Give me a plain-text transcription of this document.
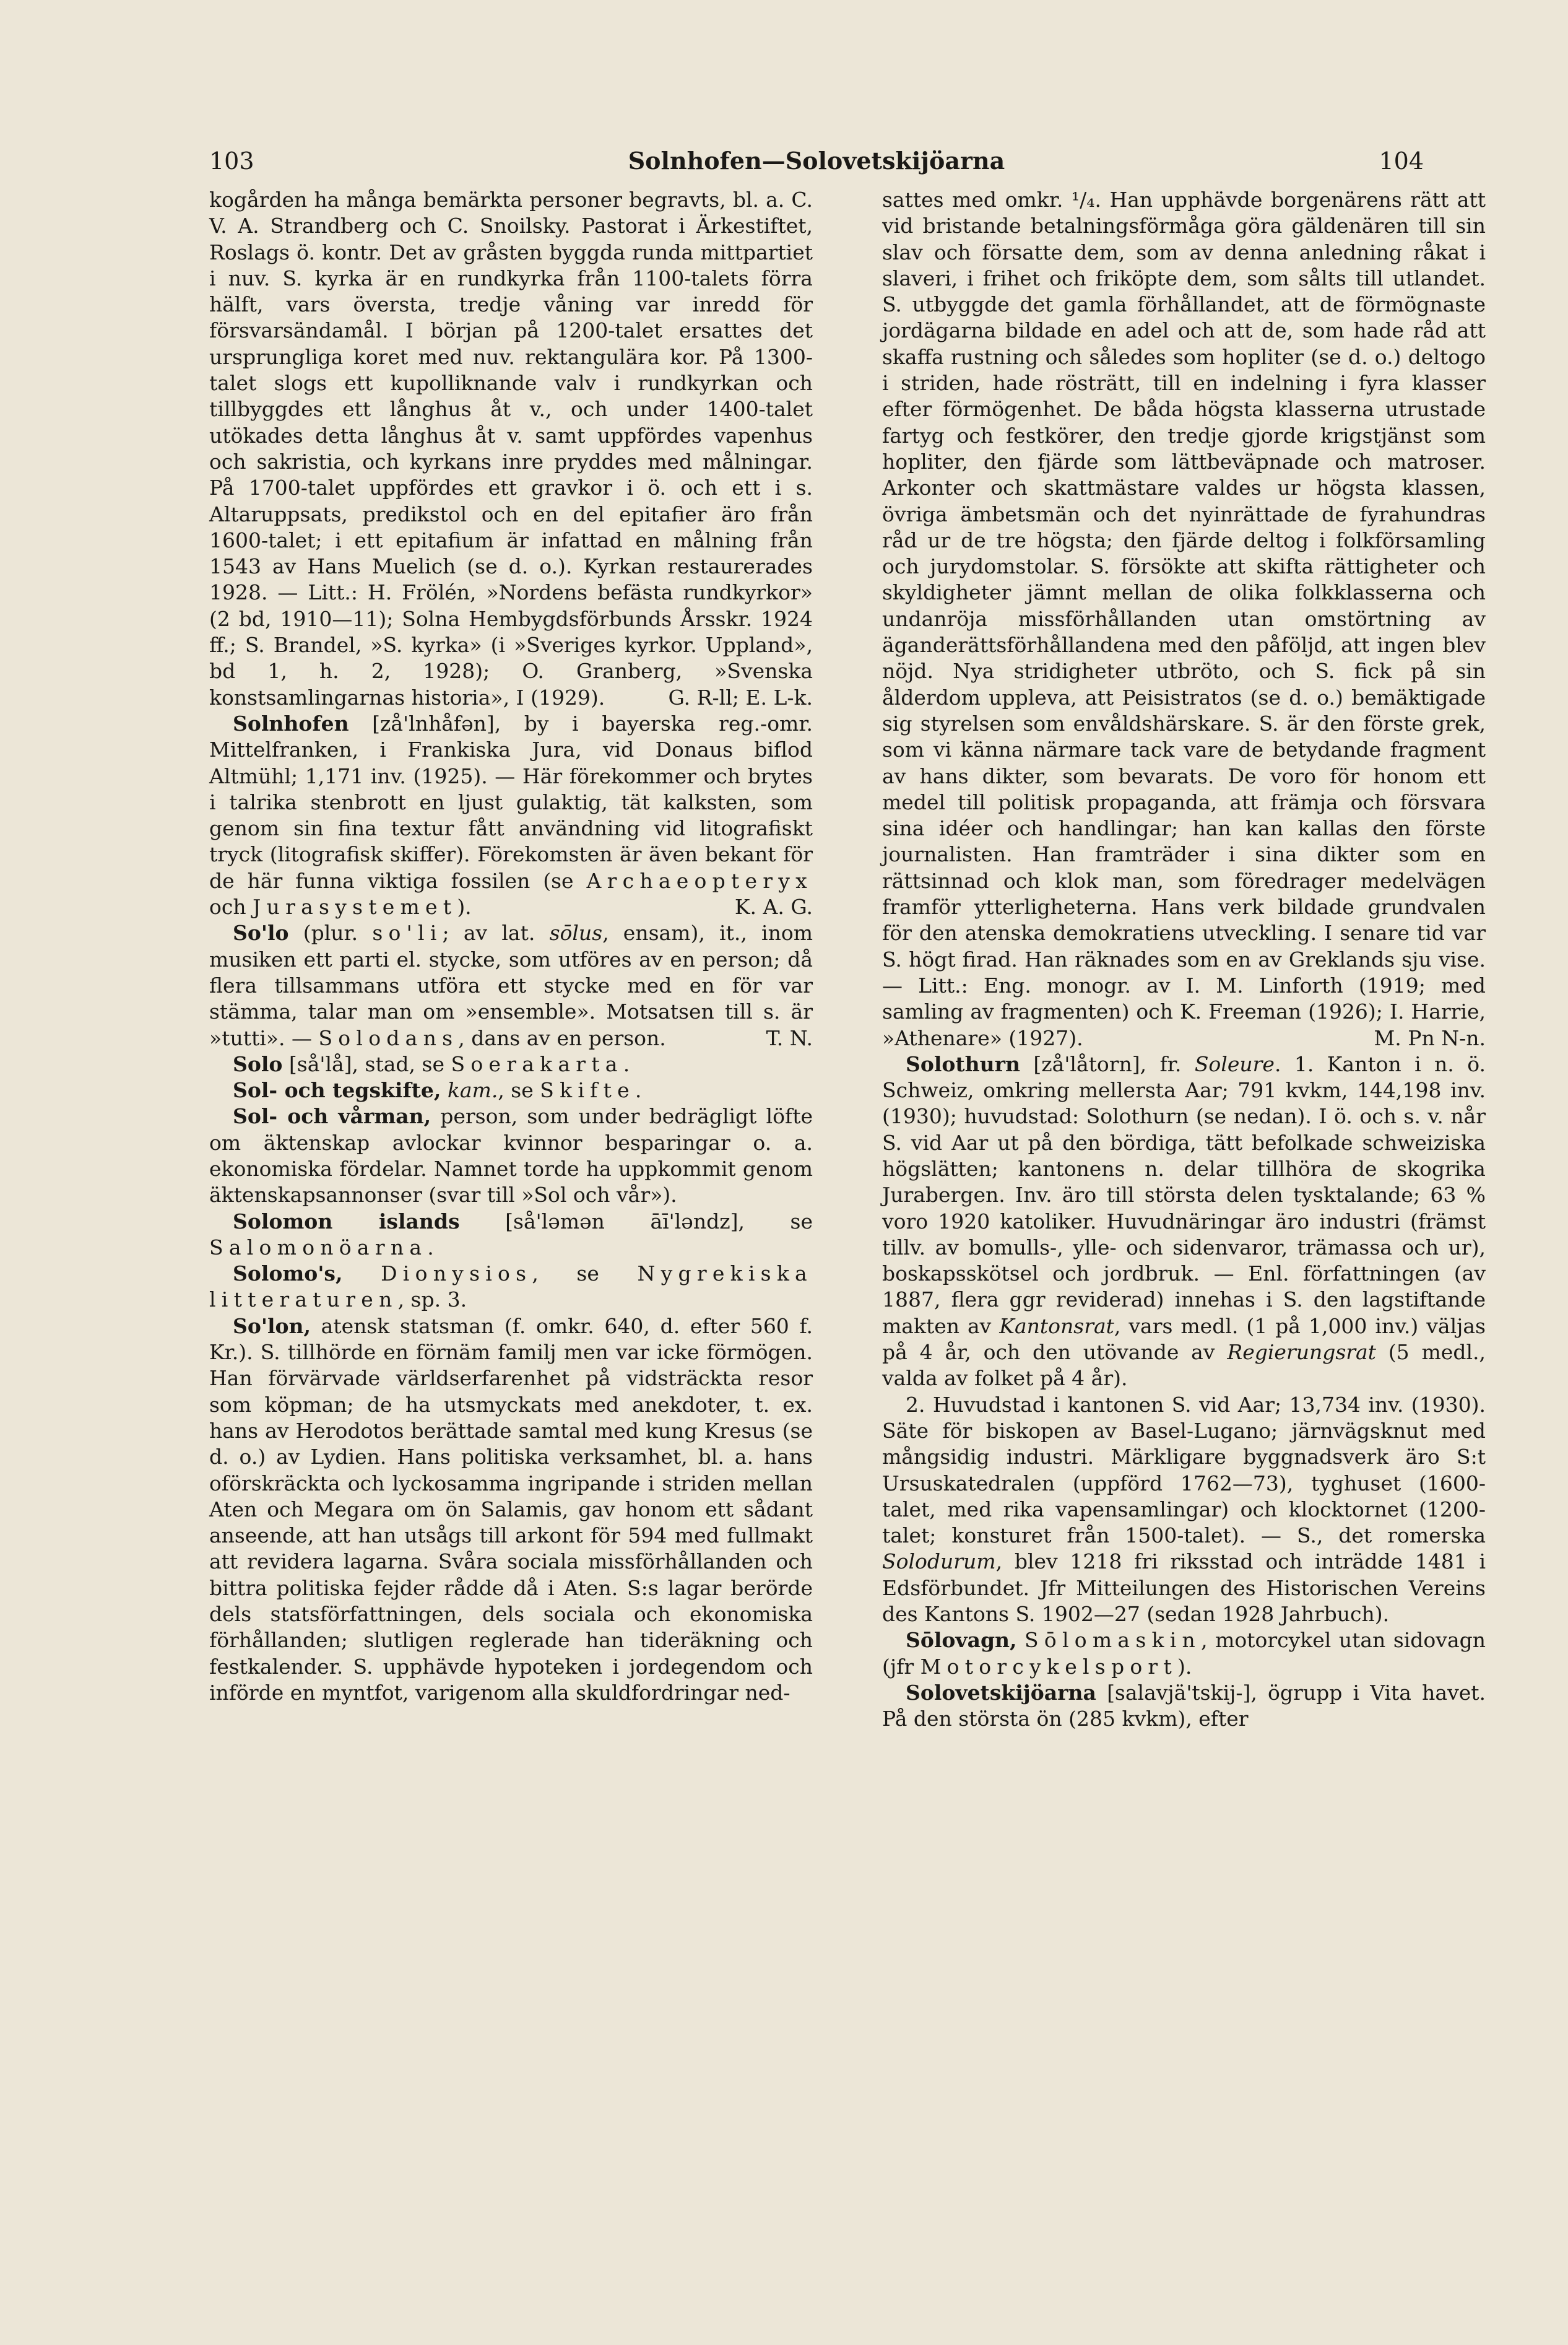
103	Solnhofen—Solovetskijöarna	104

kogården ha många bemärkta personer begravts, bl. a. C. V. A. Strandberg och C. Snoilsky. Pastorat i Ärkestiftet, Roslags ö. kontr. Det av gråsten byggda runda mittpartiet i nuv. S. kyrka är en rundkyrka från 1100-talets förra hälft, vars översta, tredje våning var inredd för försvarsändamål. I början på 1200-talet ersattes det ursprungliga koret med nuv. rektangulära kor. På 1300-talet slogs ett kupolliknande valv i rundkyrkan och tillbyggdes ett långhus åt v., och under 1400-talet utökades detta långhus åt v. samt uppfördes vapenhus och sakristia, och kyrkans inre pryddes med målningar. På 1700-talet uppfördes ett gravkor i ö. och ett i s. Altaruppsats, predikstol och en del epitafier äro från 1600-talet; i ett epitafium är infattad en målning från 1543 av Hans Muelich (se d. o.). Kyrkan restaurerades 1928. — Litt.: H. Frölén, »Nordens befästa rundkyrkor» (2 bd, 1910—11); Solna Hembygdsförbunds Årsskr. 1924 ff.; S. Brandel, »S. kyrka» (i »Sveriges kyrkor. Uppland», bd 1, h. 2, 1928); O. Granberg, »Svenska konstsamlingarnas historia», I (1929).	G. R-ll; E. L-k.

Solnhofen [zå'lnhåfən], by i bayerska reg.-omr. Mittelfranken, i Frankiska Jura, vid Donaus biflod Altmühl; 1,171 inv. (1925). — Här förekommer och brytes i talrika stenbrott en ljust gulaktig, tät kalksten, som genom sin fina textur fått användning vid litografiskt tryck (litografisk skiffer). Förekomsten är även bekant för de här funna viktiga fossilen (se Archaeopteryx och Jurasystemet).	K. A. G.

So'lo (plur. so'li; av lat. sōlus, ensam), it., inom musiken ett parti el. stycke, som utföres av en person; då flera tillsammans utföra ett stycke med en för var stämma, talar man om »ensemble». Motsatsen till s. är »tutti». — Solodans, dans av en person.	T. N.

Solo [så'lå], stad, se Soerakarta.

Sol- och tegskifte, kam., se Skifte.

Sol- och vårman, person, som under bedrägligt löfte om äktenskap avlockar kvinnor besparingar o. a. ekonomiska fördelar. Namnet torde ha uppkommit genom äktenskapsannonser (svar till »Sol och vår»).

Solomon islands [så'ləmən āī'ləndz], se Salomonöarna.

Solomo's, Dionysios, se Nygrekiska litteraturen, sp. 3.

So'lon, atensk statsman (f. omkr. 640, d. efter 560 f. Kr.). S. tillhörde en förnäm familj men var icke förmögen. Han förvärvade världserfarenhet på vidsträckta resor som köpman; de ha utsmyckats med anekdoter, t. ex. hans av Herodotos berättade samtal med kung Kresus (se d. o.) av Lydien. Hans politiska verksamhet, bl. a. hans oförskräckta och lyckosamma ingripande i striden mellan Aten och Megara om ön Salamis, gav honom ett sådant anseende, att han utsågs till arkont för 594 med fullmakt att revidera lagarna. Svåra sociala missförhållanden och bittra politiska fejder rådde då i Aten. S:s lagar berörde dels statsförfattningen, dels sociala och ekonomiska förhållanden; slutligen reglerade han tideräkning och festkalender. S. upphävde hypoteken i jordegendom och införde en myntfot, varigenom alla skuldfordringar ned-

sattes med omkr. ¹/₄. Han upphävde borgenärens rätt att vid bristande betalningsförmåga göra gäldenären till sin slav och försatte dem, som av denna anledning råkat i slaveri, i frihet och friköpte dem, som sålts till utlandet. S. utbyggde det gamla förhållandet, att de förmögnaste jordägarna bildade en adel och att de, som hade råd att skaffa rustning och således som hopliter (se d. o.) deltogo i striden, hade rösträtt, till en indelning i fyra klasser efter förmögenhet. De båda högsta klasserna utrustade fartyg och festkörer, den tredje gjorde krigstjänst som hopliter, den fjärde som lättbeväpnade och matroser. Arkonter och skattmästare valdes ur högsta klassen, övriga ämbetsmän och det nyinrättade de fyrahundras råd ur de tre högsta; den fjärde deltog i folkförsamling och jurydomstolar. S. försökte att skifta rättigheter och skyldigheter jämnt mellan de olika folkklasserna och undanröja missförhållanden utan omstörtning av äganderättsförhållandena med den påföljd, att ingen blev nöjd. Nya stridigheter utbröto, och S. fick på sin ålderdom uppleva, att Peisistratos (se d. o.) bemäktigade sig styrelsen som envåldshärskare. S. är den förste grek, som vi känna närmare tack vare de betydande fragment av hans dikter, som bevarats. De voro för honom ett medel till politisk propaganda, att främja och försvara sina idéer och handlingar; han kan kallas den förste journalisten. Han framträder i sina dikter som en rättsinnad och klok man, som föredrager medelvägen framför ytterligheterna. Hans verk bildade grundvalen för den atenska demokratiens utveckling. I senare tid var S. högt firad. Han räknades som en av Greklands sju vise. — Litt.: Eng. monogr. av I. M. Linforth (1919; med samling av fragmenten) och K. Freeman (1926); I. Harrie, »Athenare» (1927).	M. Pn N-n.

Solothurn [zå'låtorn], fr. Soleure. 1. Kanton i n. ö. Schweiz, omkring mellersta Aar; 791 kvkm, 144,198 inv. (1930); huvudstad: Solothurn (se nedan). I ö. och s. v. når S. vid Aar ut på den bördiga, tätt befolkade schweiziska högslätten; kantonens n. delar tillhöra de skogrika Jurabergen. Inv. äro till största delen tysktalande; 63 % voro 1920 katoliker. Huvudnäringar äro industri (främst tillv. av bomulls-, ylle- och sidenvaror, trämassa och ur), boskapsskötsel och jordbruk. — Enl. författningen (av 1887, flera ggr reviderad) innehas i S. den lagstiftande makten av Kantonsrat, vars medl. (1 på 1,000 inv.) väljas på 4 år, och den utövande av Regierungsrat (5 medl., valda av folket på 4 år).

2. Huvudstad i kantonen S. vid Aar; 13,734 inv. (1930). Säte för biskopen av Basel-Lugano; järnvägsknut med mångsidig industri. Märkligare byggnadsverk äro S:t Ursuskatedralen (uppförd 1762—73), tyghuset (1600-talet, med rika vapensamlingar) och klocktornet (1200-talet; konsturet från 1500-talet). — S., det romerska Solodurum, blev 1218 fri riksstad och inträdde 1481 i Edsförbundet. Jfr Mitteilungen des Historischen Vereins des Kantons S. 1902—27 (sedan 1928 Jahrbuch).

Sōlovagn, Sōlomaskin, motorcykel utan sidovagn (jfr Motorcykelsport).

Solovetskijöarna [salavjä'tskij-], ögrupp i Vita havet. På den största ön (285 kvkm), efter
